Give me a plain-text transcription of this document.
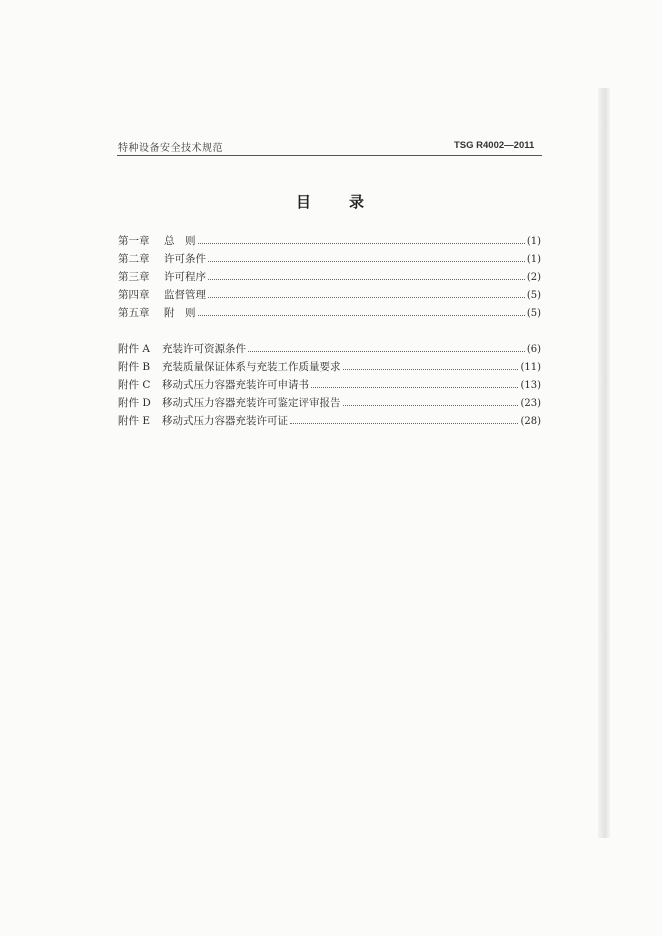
特种设备安全技术规范	TSG R4002—2011
目录
第一章	总　则	(1)
第二章	许可条件	(1)
第三章	许可程序	(2)
第四章	监督管理	(5)
第五章	附　则	(5)
附件 A	充装许可资源条件	(6)
附件 B	充装质量保证体系与充装工作质量要求	(11)
附件 C	移动式压力容器充装许可申请书	(13)
附件 D	移动式压力容器充装许可鉴定评审报告	(23)
附件 E	移动式压力容器充装许可证	(28)
